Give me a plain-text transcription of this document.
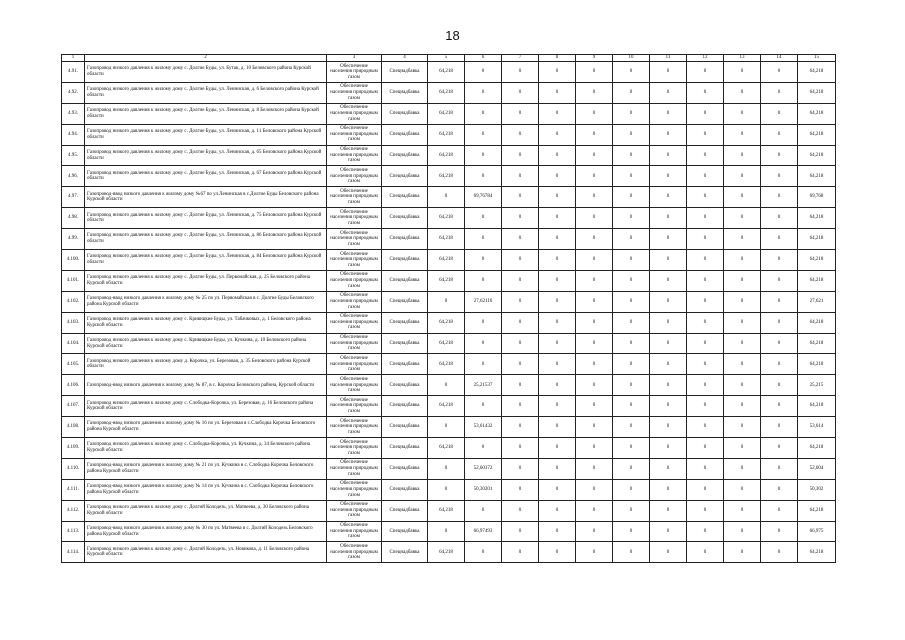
18
1	2	3	4	5	6	7	8	9	10	11	12	13	14	15
4.91.	Газопровод низкого давления к жилому дому с. Долгие Буды, ул. Бутак, д. 10 Беловского района Курской области	Обеспечение населения природным газом	Спецнадбавка	64,218	0	0	0	0	0	0	0	0	0	64,218
4.92.	Газопровод низкого давления к жилому дому с. Долгие Буды, ул. Ленинская, д. 6 Беловского района Курской области	Обеспечение населения природным газом	Спецнадбавка	64,218	0	0	0	0	0	0	0	0	0	64,218
4.93.	Газопровод низкого давления к жилому дому с. Долгие Буды, ул. Ленинская, д. 8 Беловского района Курской области	Обеспечение населения природным газом	Спецнадбавка	64,218	0	0	0	0	0	0	0	0	0	64,218
4.94.	Газопровод низкого давления к жилому дому с. Долгие Буды, ул. Ленинская, д. 11 Беловского района Курской области	Обеспечение населения природным газом	Спецнадбавка	64,218	0	0	0	0	0	0	0	0	0	64,218
4.95.	Газопровод низкого давления к жилому дому с. Долгие Буды, ул. Ленинская, д. 65 Беловского района Курской области	Обеспечение населения природным газом	Спецнадбавка	64,218	0	0	0	0	0	0	0	0	0	64,218
4.96.	Газопровод низкого давления к жилому дому с. Долгие Буды, ул. Ленинская, д. 67 Беловского района Курской области	Обеспечение населения природным газом	Спецнадбавка	64,218	0	0	0	0	0	0	0	0	0	64,218
4.97.	Газопровод-ввод низкого давления к жилому дому №67 по ул.Ленинская в с.Долгие Буды Беловского района Курской области	Обеспечение населения природным газом	Спецнадбавка	0	69,76784	0	0	0	0	0	0	0	0	69,768
4.98.	Газопровод низкого давления к жилому дому с. Долгие Буды, ул. Ленинская, д. 75 Беловского района Курской области	Обеспечение населения природным газом	Спецнадбавка	64,218	0	0	0	0	0	0	0	0	0	64,218
4.99.	Газопровод низкого давления к жилому дому с. Долгие Буды, ул. Ленинская, д. 86 Беловского района Курской области	Обеспечение населения природным газом	Спецнадбавка	64,218	0	0	0	0	0	0	0	0	0	64,218
4.100.	Газопровод низкого давления к жилому дому с. Долгие Буды, ул. Ленинская, д. 84 Беловского района Курской области	Обеспечение населения природным газом	Спецнадбавка	64,218	0	0	0	0	0	0	0	0	0	64,218
4.101.	Газопровод низкого давления к жилому дому с. Долгие Буды, ул. Первомайская, д. 25 Беловского района Курской области	Обеспечение населения природным газом	Спецнадбавка	64,218	0	0	0	0	0	0	0	0	0	64,218
4.102.	Газопровод-ввод низкого давления к жилому дому № 25 по ул. Первомайская в с. Долгие Буды Беловского района Курской области	Обеспечение населения природным газом	Спецнадбавка	0	27,62116	0	0	0	0	0	0	0	0	27,621
4.103.	Газопровод низкого давления к жилому дому с. Кривицкие Буды, ул. Табачковых, д. 1 Беловского района Курской области	Обеспечение населения природным газом	Спецнадбавка	64,218	0	0	0	0	0	0	0	0	0	64,218
4.104.	Газопровод низкого давления к жилому дому с. Кривицкие Буды, ул. Кучкина, д. 10 Беловского района Курской области	Обеспечение населения природным газом	Спецнадбавка	64,218	0	0	0	0	0	0	0	0	0	64,218
4.105.	Газопровод низкого давления к жилому дому д. Корочка, ул. Березовая, д. 35 Беловского района Курской области	Обеспечение населения природным газом	Спецнадбавка	64,218	0	0	0	0	0	0	0	0	0	64,218
4.106.	Газопровод-ввод низкого давления к жилому дому № 87, в с. Корочка Беловского района, Курской области	Обеспечение населения природным газом	Спецнадбавка	0	25,21537	0	0	0	0	0	0	0	0	25,215
4.107.	Газопровод низкого давления к жилому дому с. Слободка-Корочка, ул. Березовая, д. 16 Беловского района Курской области	Обеспечение населения природным газом	Спецнадбавка	64,218	0	0	0	0	0	0	0	0	0	64,218
4.108.	Газопровод-ввод низкого давления к жилому дому № 16 по ул. Березовая в с.Слободка Корочка Беловского района Курской области	Обеспечение населения природным газом	Спецнадбавка	0	53,61432	0	0	0	0	0	0	0	0	53,614
4.109.	Газопровод низкого давления к жилому дому с. Слободка-Корочка, ул. Кучкина, д. 34 Беловского района Курской области	Обеспечение населения природным газом	Спецнадбавка	64,218	0	0	0	0	0	0	0	0	0	64,218
4.110.	Газопровод-ввод низкого давления к жилому дому № 21 по ул. Кучкина в с. Слободка Корочка Беловского района Курской области	Обеспечение населения природным газом	Спецнадбавка	0	52,60372	0	0	0	0	0	0	0	0	52,604
4.111.	Газопровод-ввод низкого давления к жилому дому № 14 по ул. Кучкина в с. Слободка Корочка Беловского района Курской области	Обеспечение населения природным газом	Спецнадбавка	0	50,30201	0	0	0	0	0	0	0	0	50,302
4.112.	Газопровод низкого давления к жилому дому с. Долгий Колодезь, ул. Матвеева, д. 30 Беловского района Курской области	Обеспечение населения природным газом	Спецнадбавка	64,218	0	0	0	0	0	0	0	0	0	64,218
4.113.	Газопровод-ввод низкого давления к жилому дому № 30 по ул. Матвеева в с. Долгий Колодезь Беловского района Курской области	Обеспечение населения природным газом	Спецнадбавка	0	66,97493	0	0	0	0	0	0	0	0	66,975
4.114.	Газопровод низкого давления к жилому дому с. Долгий Колодезь, ул. Новикова, д. 11 Беловского района Курской области	Обеспечение населения природным газом	Спецнадбавка	64,218	0	0	0	0	0	0	0	0	0	64,218
